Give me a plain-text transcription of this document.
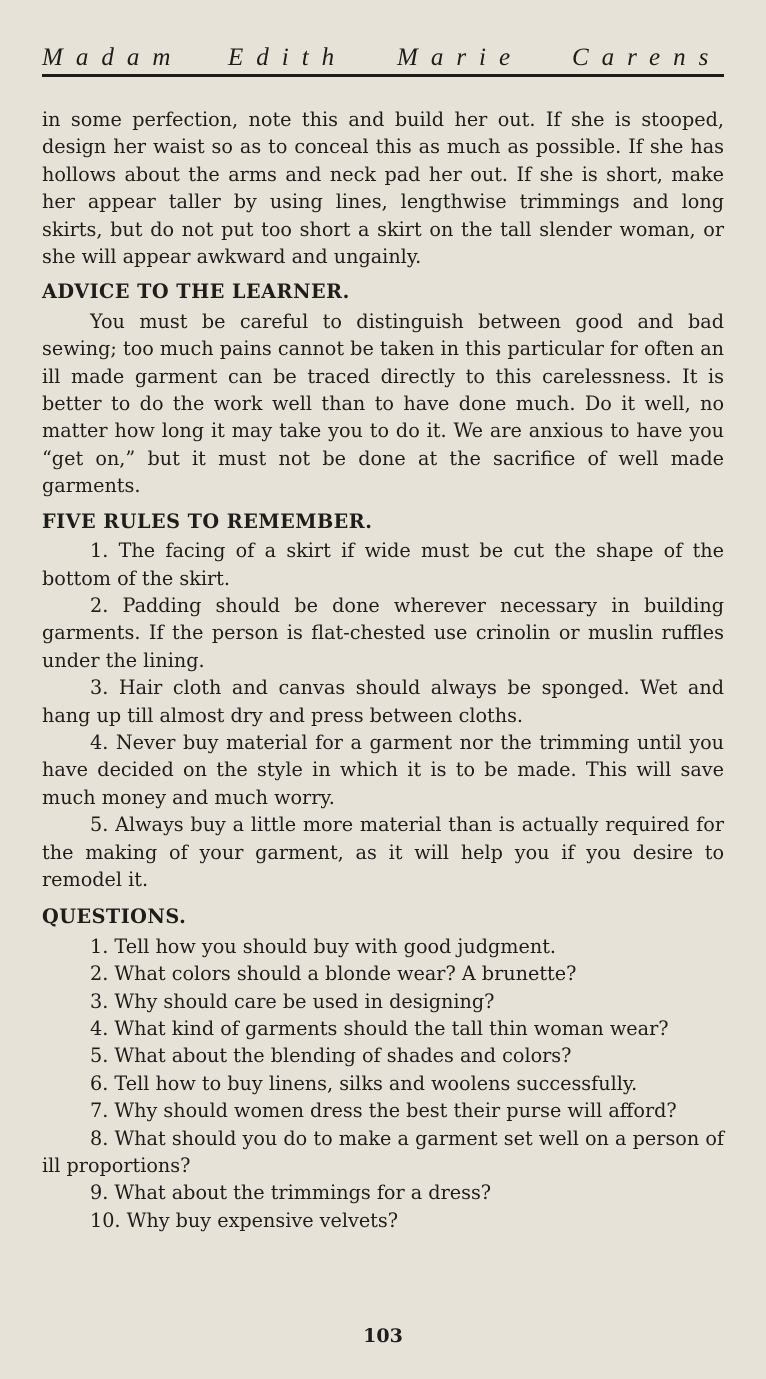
Madam Edith Marie Carens

in some perfection, note this and build her out. If she is stooped, design her waist so as to conceal this as much as possible. If she has hollows about the arms and neck pad her out. If she is short, make her appear taller by using lines, lengthwise trimmings and long skirts, but do not put too short a skirt on the tall slender woman, or she will appear awkward and ungainly.

ADVICE TO THE LEARNER.

You must be careful to distinguish between good and bad sewing; too much pains cannot be taken in this particular for often an ill made garment can be traced directly to this carelessness. It is better to do the work well than to have done much. Do it well, no matter how long it may take you to do it. We are anxious to have you “get on,” but it must not be done at the sacrifice of well made garments.

FIVE RULES TO REMEMBER.

1. The facing of a skirt if wide must be cut the shape of the bottom of the skirt.

2. Padding should be done wherever necessary in building garments. If the person is flat-chested use crinolin or muslin ruffles under the lining.

3. Hair cloth and canvas should always be sponged. Wet and hang up till almost dry and press between cloths.

4. Never buy material for a garment nor the trimming until you have decided on the style in which it is to be made. This will save much money and much worry.

5. Always buy a little more material than is actually required for the making of your garment, as it will help you if you desire to remodel it.

QUESTIONS.

1. Tell how you should buy with good judgment.

2. What colors should a blonde wear? A brunette?

3. Why should care be used in designing?

4. What kind of garments should the tall thin woman wear?

5. What about the blending of shades and colors?

6. Tell how to buy linens, silks and woolens successfully.

7. Why should women dress the best their purse will afford?

8. What should you do to make a garment set well on a person of ill proportions?

9. What about the trimmings for a dress?

10. Why buy expensive velvets?

103
